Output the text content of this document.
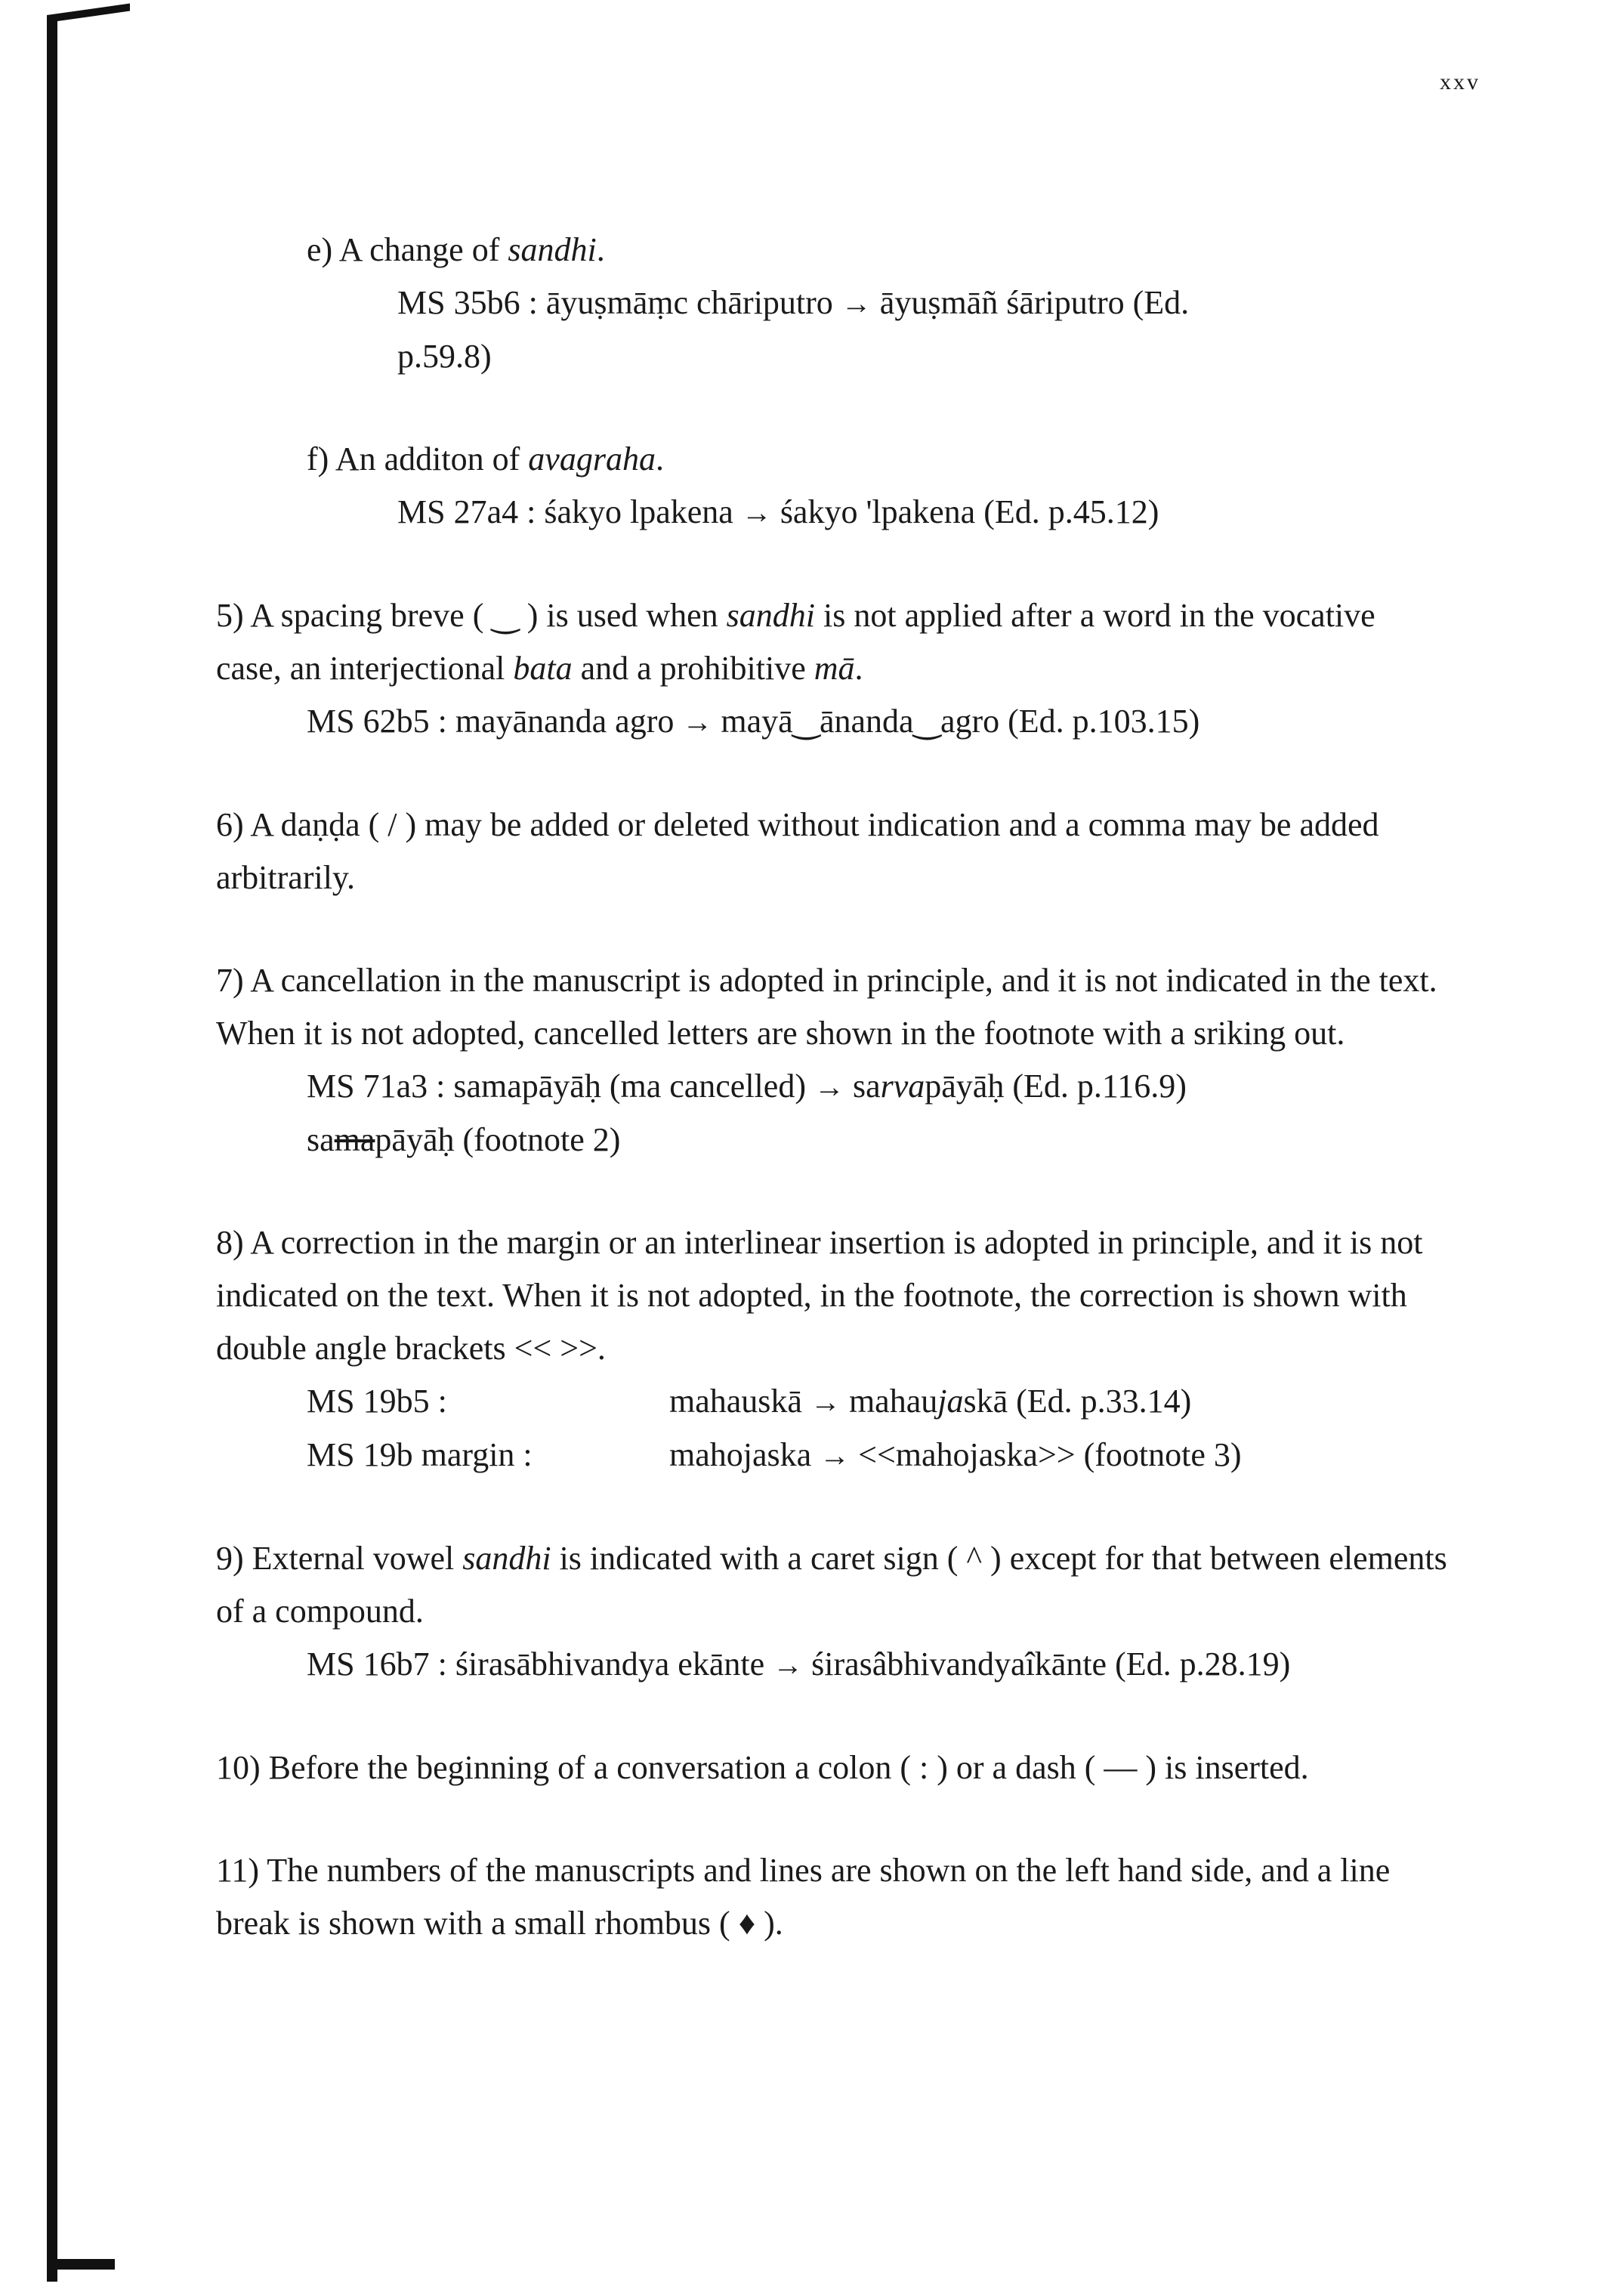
xxv

e) A change of sandhi.

MS 35b6 : āyuṣmāṃc chāriputro → āyuṣmāñ śāriputro (Ed.
p.59.8)

f) An additon of avagraha.

MS 27a4 : śakyo lpakena → śakyo 'lpakena (Ed. p.45.12)

5) A spacing breve ( ‿ ) is used when sandhi is not applied after a word in the vocative case, an interjectional bata and a prohibitive mā.

MS 62b5 : mayānanda agro → mayā‿ānanda‿agro (Ed. p.103.15)

6) A daṇḍa ( / ) may be added or deleted without indication and a comma may be added arbitrarily.

7) A cancellation in the manuscript is adopted in principle, and it is not indicated in the text. When it is not adopted, cancelled letters are shown in the footnote with a sriking out.

MS 71a3 : samapāyāḥ (ma cancelled) → sarvapāyāḥ (Ed. p.116.9)
samapāyāḥ (footnote 2)

8) A correction in the margin or an interlinear insertion is adopted in principle, and it is not indicated on the text. When it is not adopted, in the footnote, the correction is shown with double angle brackets << >>.

MS 19b5 :	mahauskā → mahaujaskā (Ed. p.33.14)
MS 19b margin :	mahojaska → <<mahojaska>> (footnote 3)

9) External vowel sandhi is indicated with a caret sign ( ^ ) except for that between elements of a compound.

MS 16b7 : śirasābhivandya ekānte → śirasâbhivandyaîkānte (Ed. p.28.19)

10) Before the beginning of a conversation a colon ( : ) or a dash ( — ) is inserted.

11) The numbers of the manuscripts and lines are shown on the left hand side, and a line break is shown with a small rhombus ( ♦ ).
